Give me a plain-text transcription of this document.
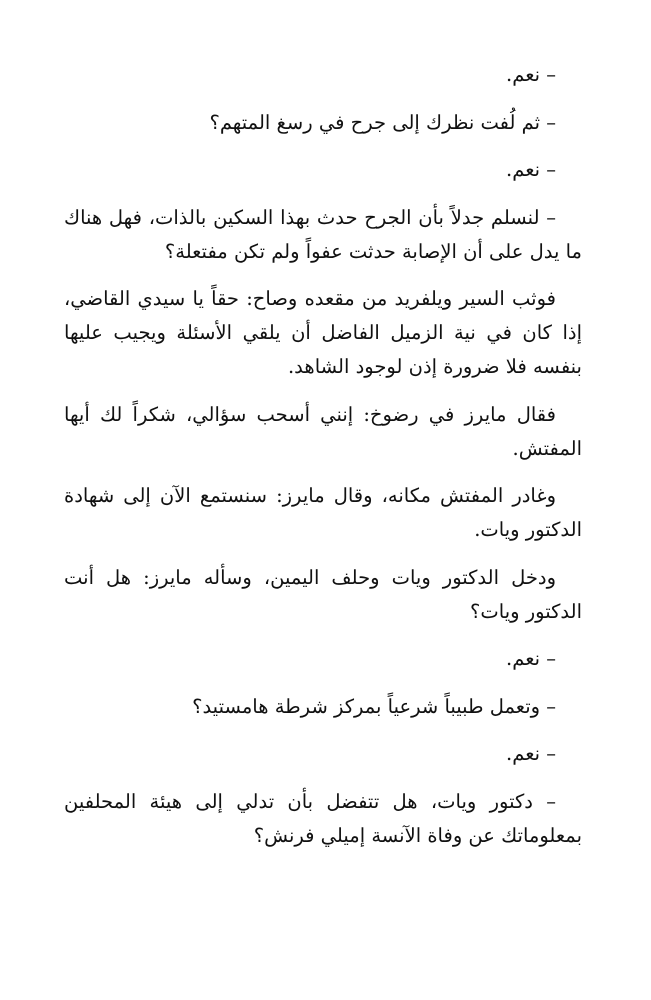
– نعم.

– ثم لُفت نظرك إلى جرح في رسغ المتهم؟

– نعم.

– لنسلم جدلاً بأن الجرح حدث بهذا السكين بالذات، فهل هناك ما يدل على أن الإصابة حدثت عفواً ولم تكن مفتعلة؟

فوثب السير ويلفريد من مقعده وصاح: حقاً يا سيدي القاضي، إذا كان في نية الزميل الفاضل أن يلقي الأسئلة ويجيب عليها بنفسه فلا ضرورة إذن لوجود الشاهد.

فقال مايرز في رضوخ: إنني أسحب سؤالي، شكراً لك أيها المفتش.

وغادر المفتش مكانه، وقال مايرز: سنستمع الآن إلى شهادة الدكتور ويات.

ودخل الدكتور ويات وحلف اليمين، وسأله مايرز: هل أنت الدكتور ويات؟

– نعم.

– وتعمل طبيباً شرعياً بمركز شرطة هامستيد؟

– نعم.

– دكتور ويات، هل تتفضل بأن تدلي إلى هيئة المحلفين بمعلوماتك عن وفاة الآنسة إميلي فرنش؟
